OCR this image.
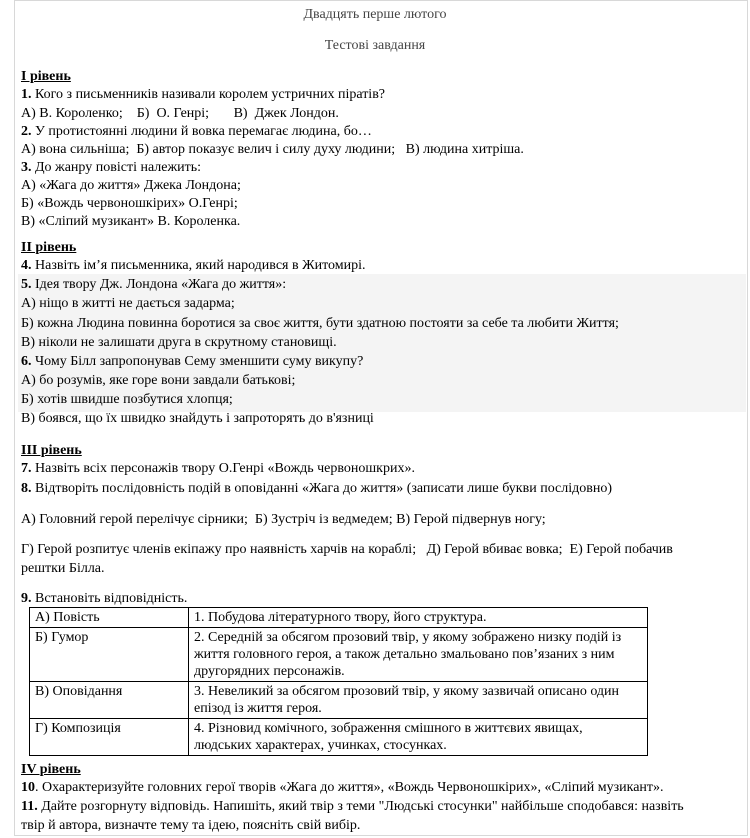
Двадцять перше лютого
Тестові завдання
І рівень
1. Кого з письменників називали королем устричних піратів?
А) В. Короленко;    Б)  О. Генрі;       В)  Джек Лондон.
2. У протистоянні людини й вовка перемагає людина, бо…
А) вона сильніша;  Б) автор показує велич і силу духу людини;   В) людина хитріша.
3. До жанру повісті належить:
А) «Жага до життя» Джека Лондона;
Б) «Вождь червоношкірих» О.Генрі;
В) «Сліпий музикант» В. Короленка.
ІІ рівень
4. Назвіть ім’я письменника, який народився в Житомирі.
5. Ідея твору Дж. Лондона «Жага до життя»:
А) ніщо в житті не дається задарма;
Б) кожна Людина повинна боротися за своє життя, бути здатною постояти за себе та любити Життя;
В) ніколи не залишати друга в скрутному становищі.
6. Чому Білл запропонував Сему зменшити суму викупу?
А) бо розумів, яке горе вони завдали батькові;
Б) хотів швидше позбутися хлопця;
В) боявся, що їх швидко знайдуть і запроторять до в'язниці
ІІІ рівень
7. Назвіть всіх персонажів твору О.Генрі «Вождь червоношкрих».
8. Відтворіть послідовність подій в оповіданні «Жага до життя» (записати лише букви послідовно)
А) Головний герой перелічує сірники;  Б) Зустріч із ведмедем; В) Герой підвернув ногу;
Г) Герой розпитує членів екіпажу про наявність харчів на кораблі;   Д) Герой вбиває вовка;  Е) Герой побачив
рештки Білла.
9. Встановіть відповідність.
А) Повість	1. Побудова літературного твору, його структура.
Б) Гумор	2. Середній за обсягом прозовий твір, у якому зображено низку подій із життя головного героя, а також детально змальовано пов’язаних з ним другорядних персонажів.
В) Оповідання	3. Невеликий за обсягом прозовий твір, у якому зазвичай описано один епізод із життя героя.
Г) Композиція	4. Різновид комічного, зображення смішного в життєвих явищах, людських характерах, учинках, стосунках.
ІV рівень
10. Охарактеризуйте головних герої творів «Жага до життя», «Вождь Червоношкірих», «Сліпий музикант».
11. Дайте розгорнуту відповідь. Напишіть, який твір з теми "Людські стосунки" найбільше сподобався: назвіть
твір й автора, визначте тему та ідею, поясніть свій вибір.
